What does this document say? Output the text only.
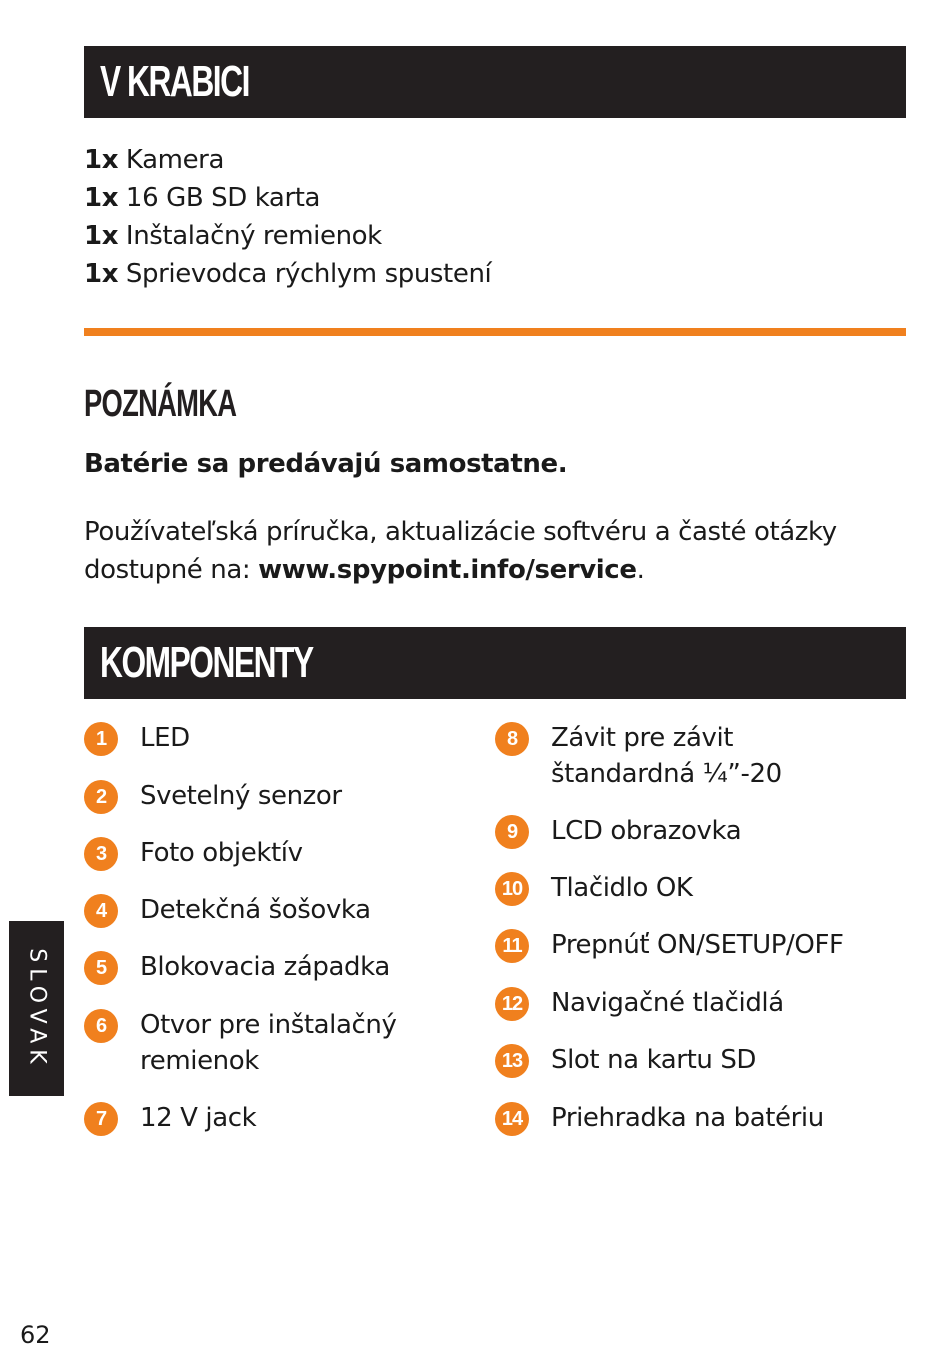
V KRABICI
1x Kamera
1x 16 GB SD karta
1x Inštalačný remienok
1x Sprievodca rýchlym spustení
POZNÁMKA
Batérie sa predávajú samostatne.
Používateľská príručka, aktualizácie softvéru a časté otázky dostupné na: www.spypoint.info/service.
KOMPONENTY
1	LED
2	Svetelný senzor
3	Foto objektív
4	Detekčná šošovka
5	Blokovacia západka
6	Otvor pre inštalačný
remienok
7	12 V jack
8	Závit pre závit
štandardná ¼”-20
9	LCD obrazovka
10 Tlačidlo OK
11 Prepnúť ON/SETUP/OFF
12 Navigačné tlačidlá
13 Slot na kartu SD
14 Priehradka na batériu
SLOVAK
62
